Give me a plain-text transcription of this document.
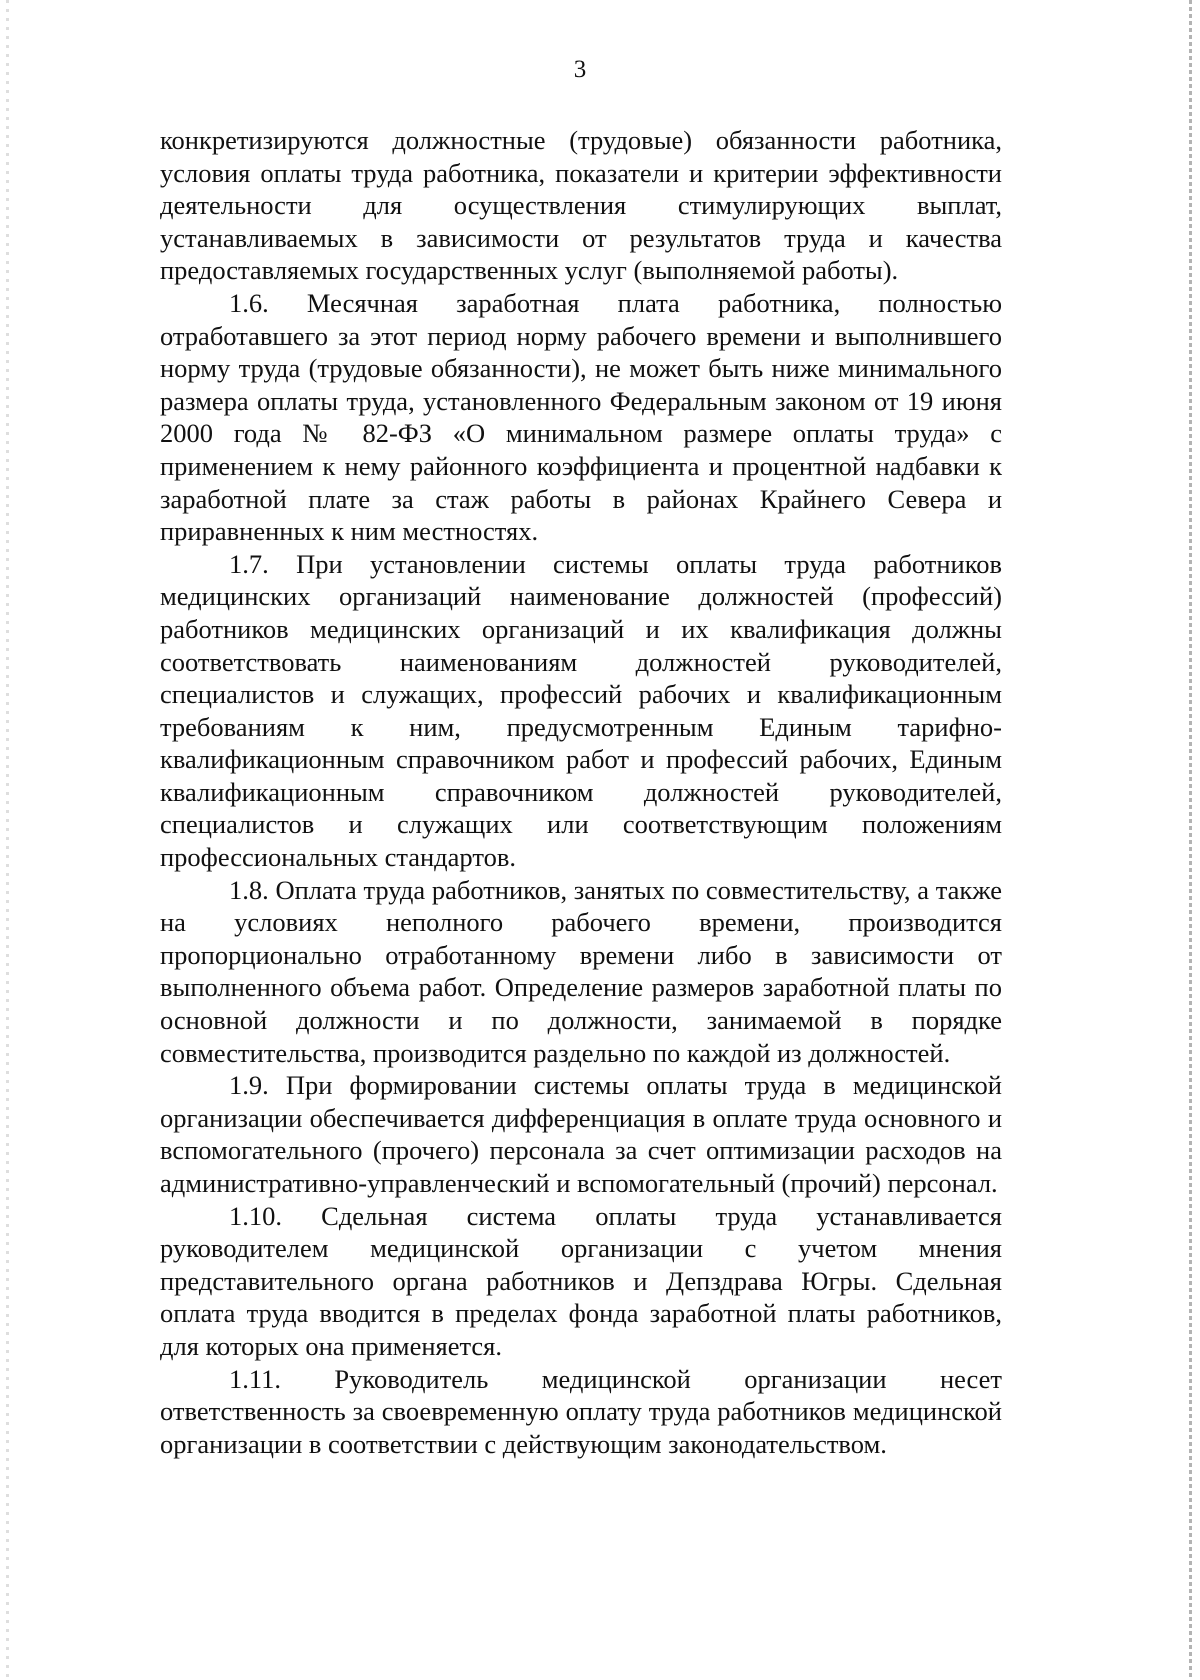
3

конкретизируются должностные (трудовые) обязанности работника, условия оплаты труда работника, показатели и критерии эффективности деятельности для осуществления стимулирующих выплат, устанавливаемых в зависимости от результатов труда и качества предоставляемых государственных услуг (выполняемой работы).

1.6. Месячная заработная плата работника, полностью отработавшего за этот период норму рабочего времени и выполнившего норму труда (трудовые обязанности), не может быть ниже минимального размера оплаты труда, установленного Федеральным законом от 19 июня 2000 года № 82-ФЗ «О минимальном размере оплаты труда» с применением к нему районного коэффициента и процентной надбавки к заработной плате за стаж работы в районах Крайнего Севера и приравненных к ним местностях.

1.7. При установлении системы оплаты труда работников медицинских организаций наименование должностей (профессий) работников медицинских организаций и их квалификация должны соответствовать наименованиям должностей руководителей, специалистов и служащих, профессий рабочих и квалификационным требованиям к ним, предусмотренным Единым тарифно-квалификационным справочником работ и профессий рабочих, Единым квалификационным справочником должностей руководителей, специалистов и служащих или соответствующим положениям профессиональных стандартов.

1.8. Оплата труда работников, занятых по совместительству, а также на условиях неполного рабочего времени, производится пропорционально отработанному времени либо в зависимости от выполненного объема работ. Определение размеров заработной платы по основной должности и по должности, занимаемой в порядке совместительства, производится раздельно по каждой из должностей.

1.9. При формировании системы оплаты труда в медицинской организации обеспечивается дифференциация в оплате труда основного и вспомогательного (прочего) персонала за счет оптимизации расходов на административно-управленческий и вспомогательный (прочий) персонал.

1.10. Сдельная система оплаты труда устанавливается руководителем медицинской организации с учетом мнения представительного органа работников и Депздрава Югры. Сдельная оплата труда вводится в пределах фонда заработной платы работников, для которых она применяется.

1.11. Руководитель медицинской организации несет ответственность за своевременную оплату труда работников медицинской организации в соответствии с действующим законодательством.
